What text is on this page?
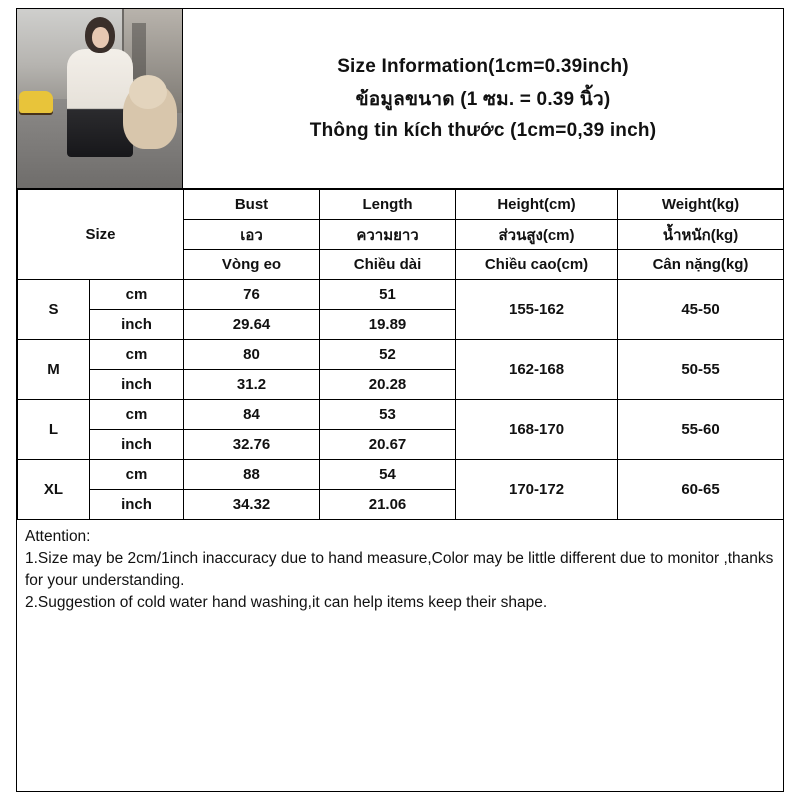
Size Information(1cm=0.39inch)
ข้อมูลขนาด (1 ซม. = 0.39 นิ้ว)
Thông tin kích thước (1cm=0,39 inch)
Size		Bust	Length	Height(cm)	Weight(kg)
		เอว	ความยาว	ส่วนสูง(cm)	น้ำหนัก(kg)
		Vòng eo	Chiều dài	Chiều cao(cm)	Cân nặng(kg)
S	cm	76	51	155-162	45-50
	inch	29.64	19.89		
M	cm	80	52	162-168	50-55
	inch	31.2	20.28		
L	cm	84	53	168-170	55-60
	inch	32.76	20.67		
XL	cm	88	54	170-172	60-65
	inch	34.32	21.06		
Attention:
1.Size may be 2cm/1inch inaccuracy due to hand measure,Color may be little different due to monitor ,thanks for your understanding.
2.Suggestion of cold water hand washing,it can help items keep their shape.
